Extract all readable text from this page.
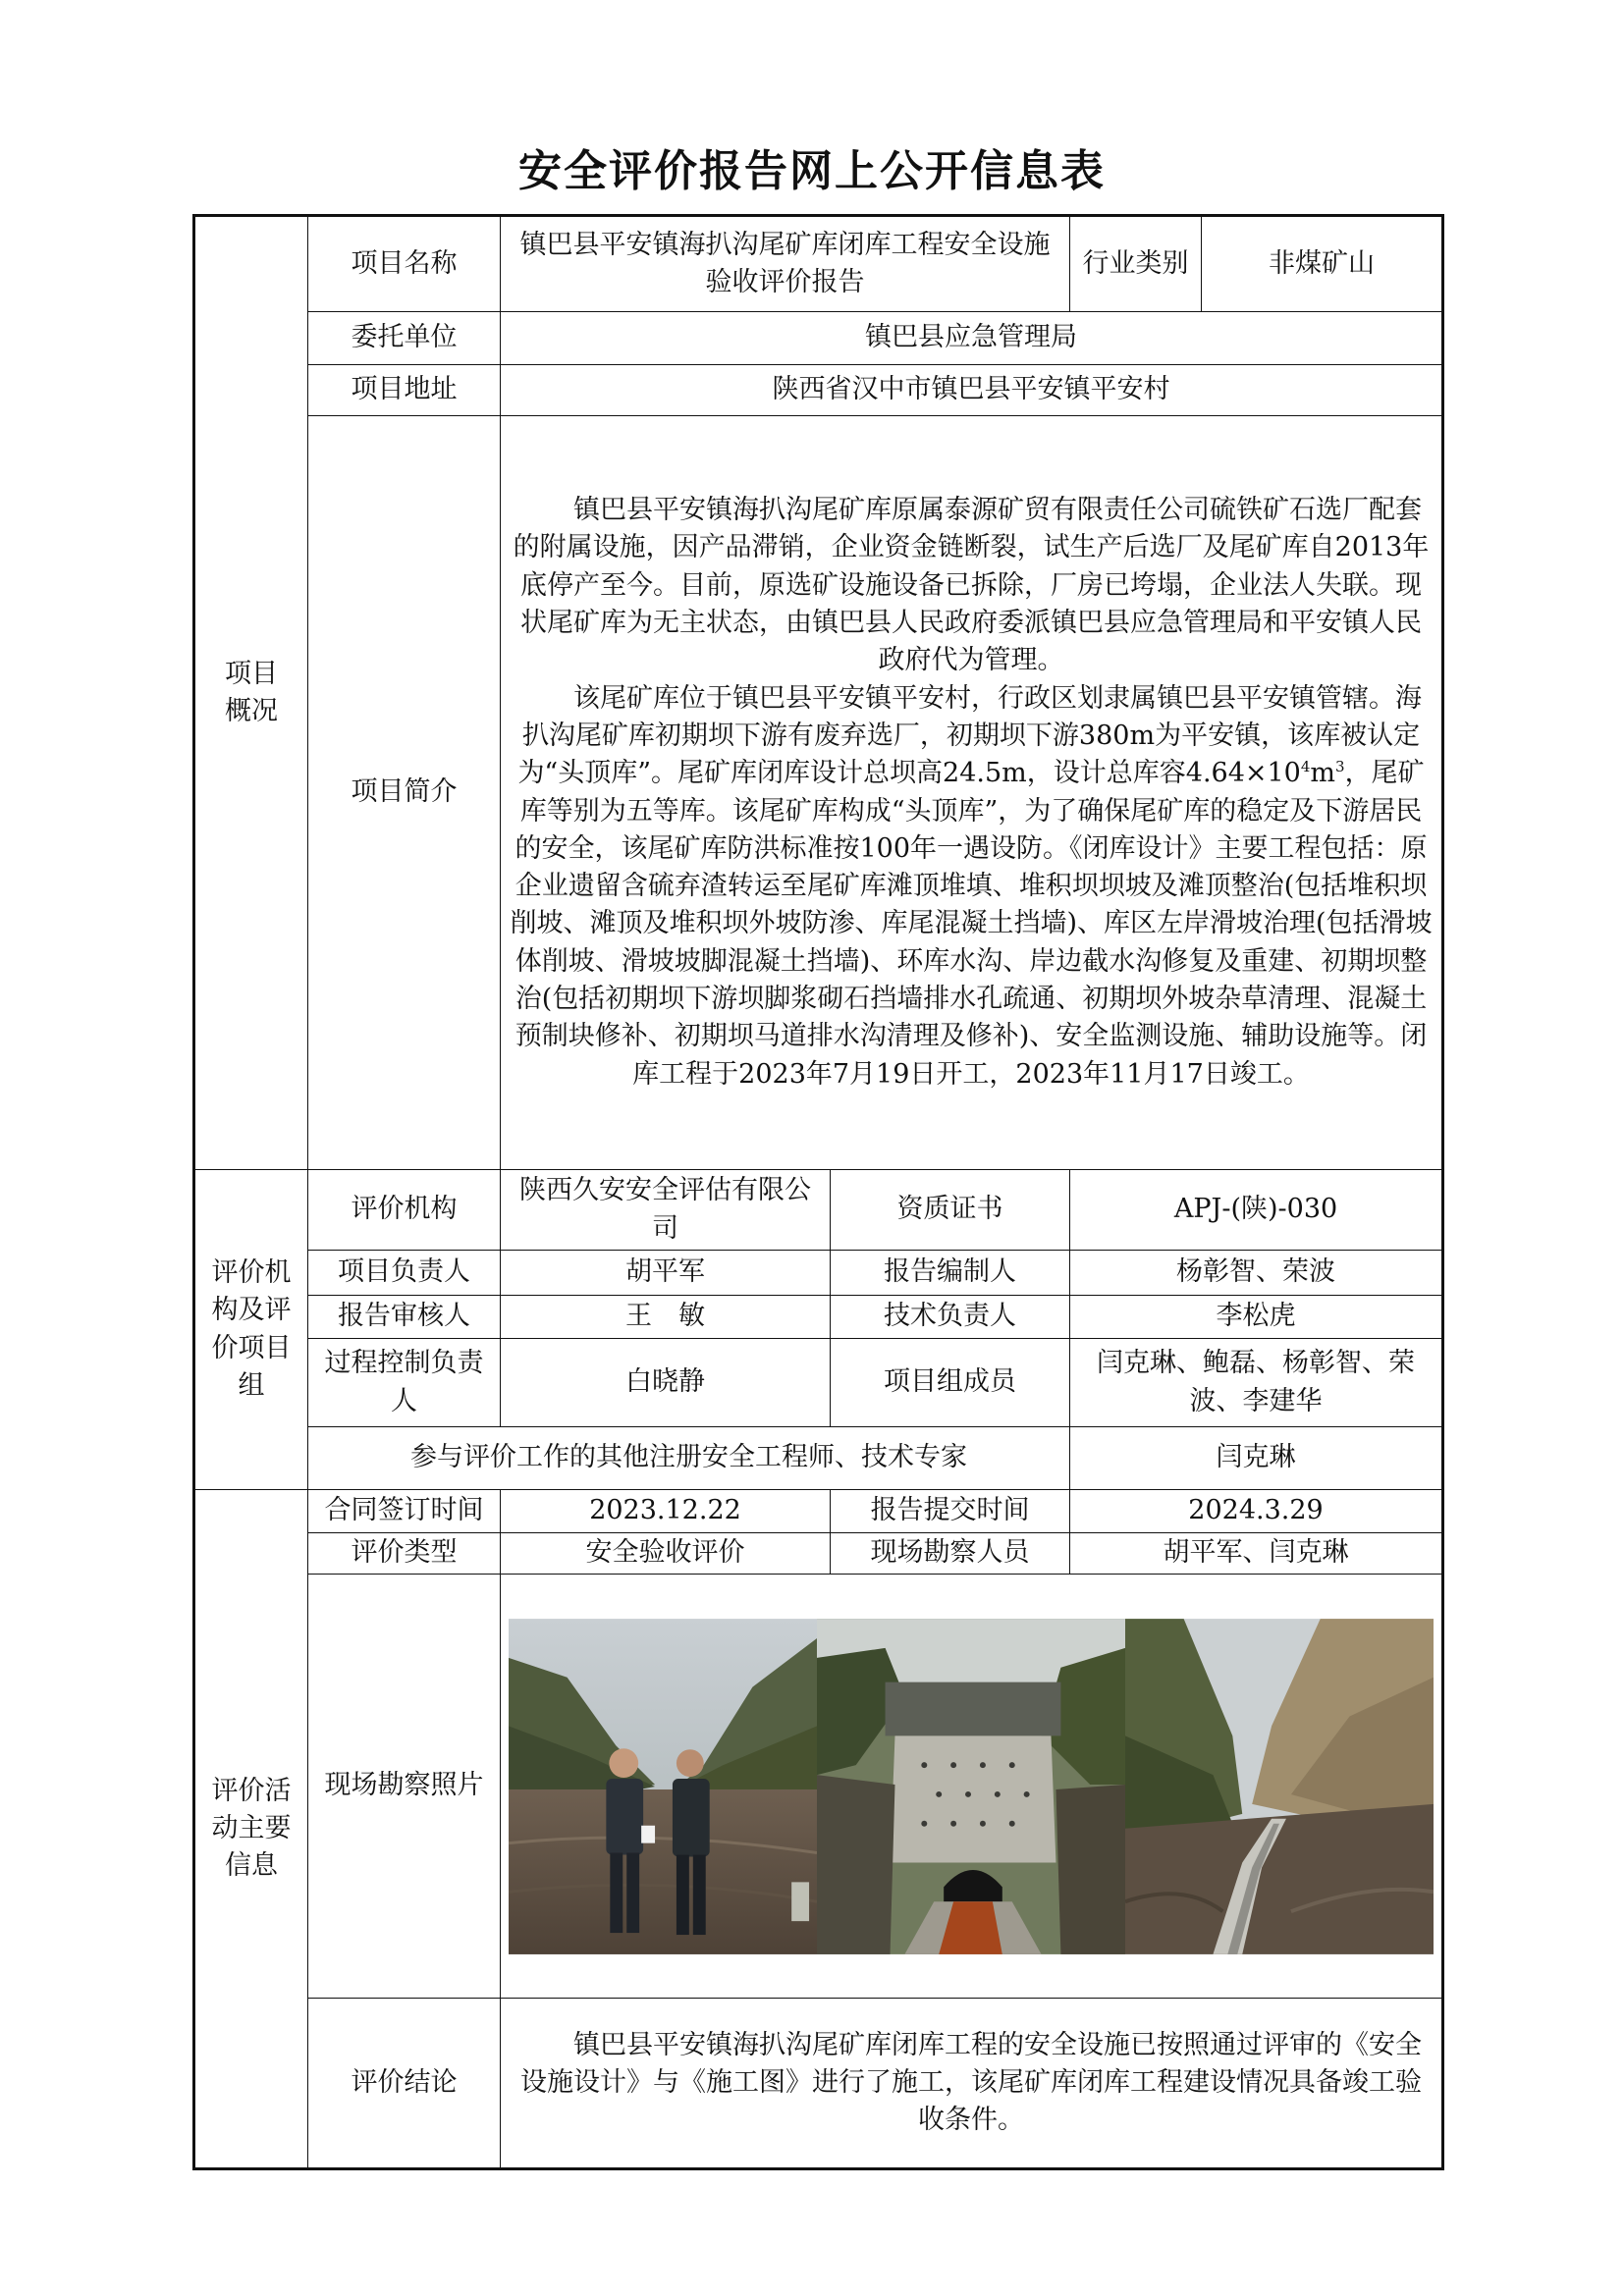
安全评价报告网上公开信息表
项目
概况	项目名称	镇巴县平安镇海扒沟尾矿库闭库工程安全设施验收评价报告		行业类别	非煤矿山
	委托单位	镇巴县应急管理局			
	项目地址	陕西省汉中市镇巴县平安镇平安村			
	项目简介	镇巴县平安镇海扒沟尾矿库原属泰源矿贸有限责任公司硫铁矿石选厂配套的附属设施，因产品滞销，企业资金链断裂，试生产后选厂及尾矿库自2013年底停产至今。目前，原选矿设施设备已拆除，厂房已垮塌，企业法人失联。现状尾矿库为无主状态，由镇巴县人民政府委派镇巴县应急管理局和平安镇人民政府代为管理。

该尾矿库位于镇巴县平安镇平安村，行政区划隶属镇巴县平安镇管辖。海扒沟尾矿库初期坝下游有废弃选厂，初期坝下游380m为平安镇，该库被认定为“头顶库”。尾矿库闭库设计总坝高24.5m，设计总库容$4.64\times 10^4m^3$，尾矿库等别为五等库。该尾矿库构成“头顶库”，为了确保尾矿库的稳定及下游居民的安全，该尾矿库防洪标准按100年一遇设防。《闭库设计》主要工程包括：原企业遗留含硫弃渣转运至尾矿库滩顶堆填、堆积坝坝坡及滩顶整治(包括堆积坝削坡、滩顶及堆积坝外坡防渗、库尾混凝土挡墙)、库区左岸滑坡治理(包括滑坡体削坡、滑坡坡脚混凝土挡墙)、环库水沟、岸边截水沟修复及重建、初期坝整治(包括初期坝下游坝脚浆砌石挡墙排水孔疏通、初期坝外坡杂草清理、混凝土预制块修补、初期坝马道排水沟清理及修补)、安全监测设施、辅助设施等。闭库工程于2023年7月19日开工，2023年11月17日竣工。			

评价机构及评价项目组	评价机构	陕西久安安全评估有限公司	资质证书	APJ-(陕)-030	
	项目负责人	胡平军	报告编制人	杨彰智、荣波	
	报告审核人	王　敏	技术负责人	李松虎	
	过程控制负责人	白晓静	项目组成员	闫克琳、鲍磊、杨彰智、荣波、李建华	
	参与评价工作的其他注册安全工程师、技术专家			闫克琳	
评价活动主要信息	合同签订时间	2023.12.22	报告提交时间	2024.3.29	
	评价类型	安全验收评价	现场勘察人员	胡平军、闫克琳	
	现场勘察照片	

	评价结论	镇巴县平安镇海扒沟尾矿库闭库工程的安全设施已按照通过评审的《安全设施设计》与《施工图》进行了施工，该尾矿库闭库工程建设情况具备竣工验收条件。			
